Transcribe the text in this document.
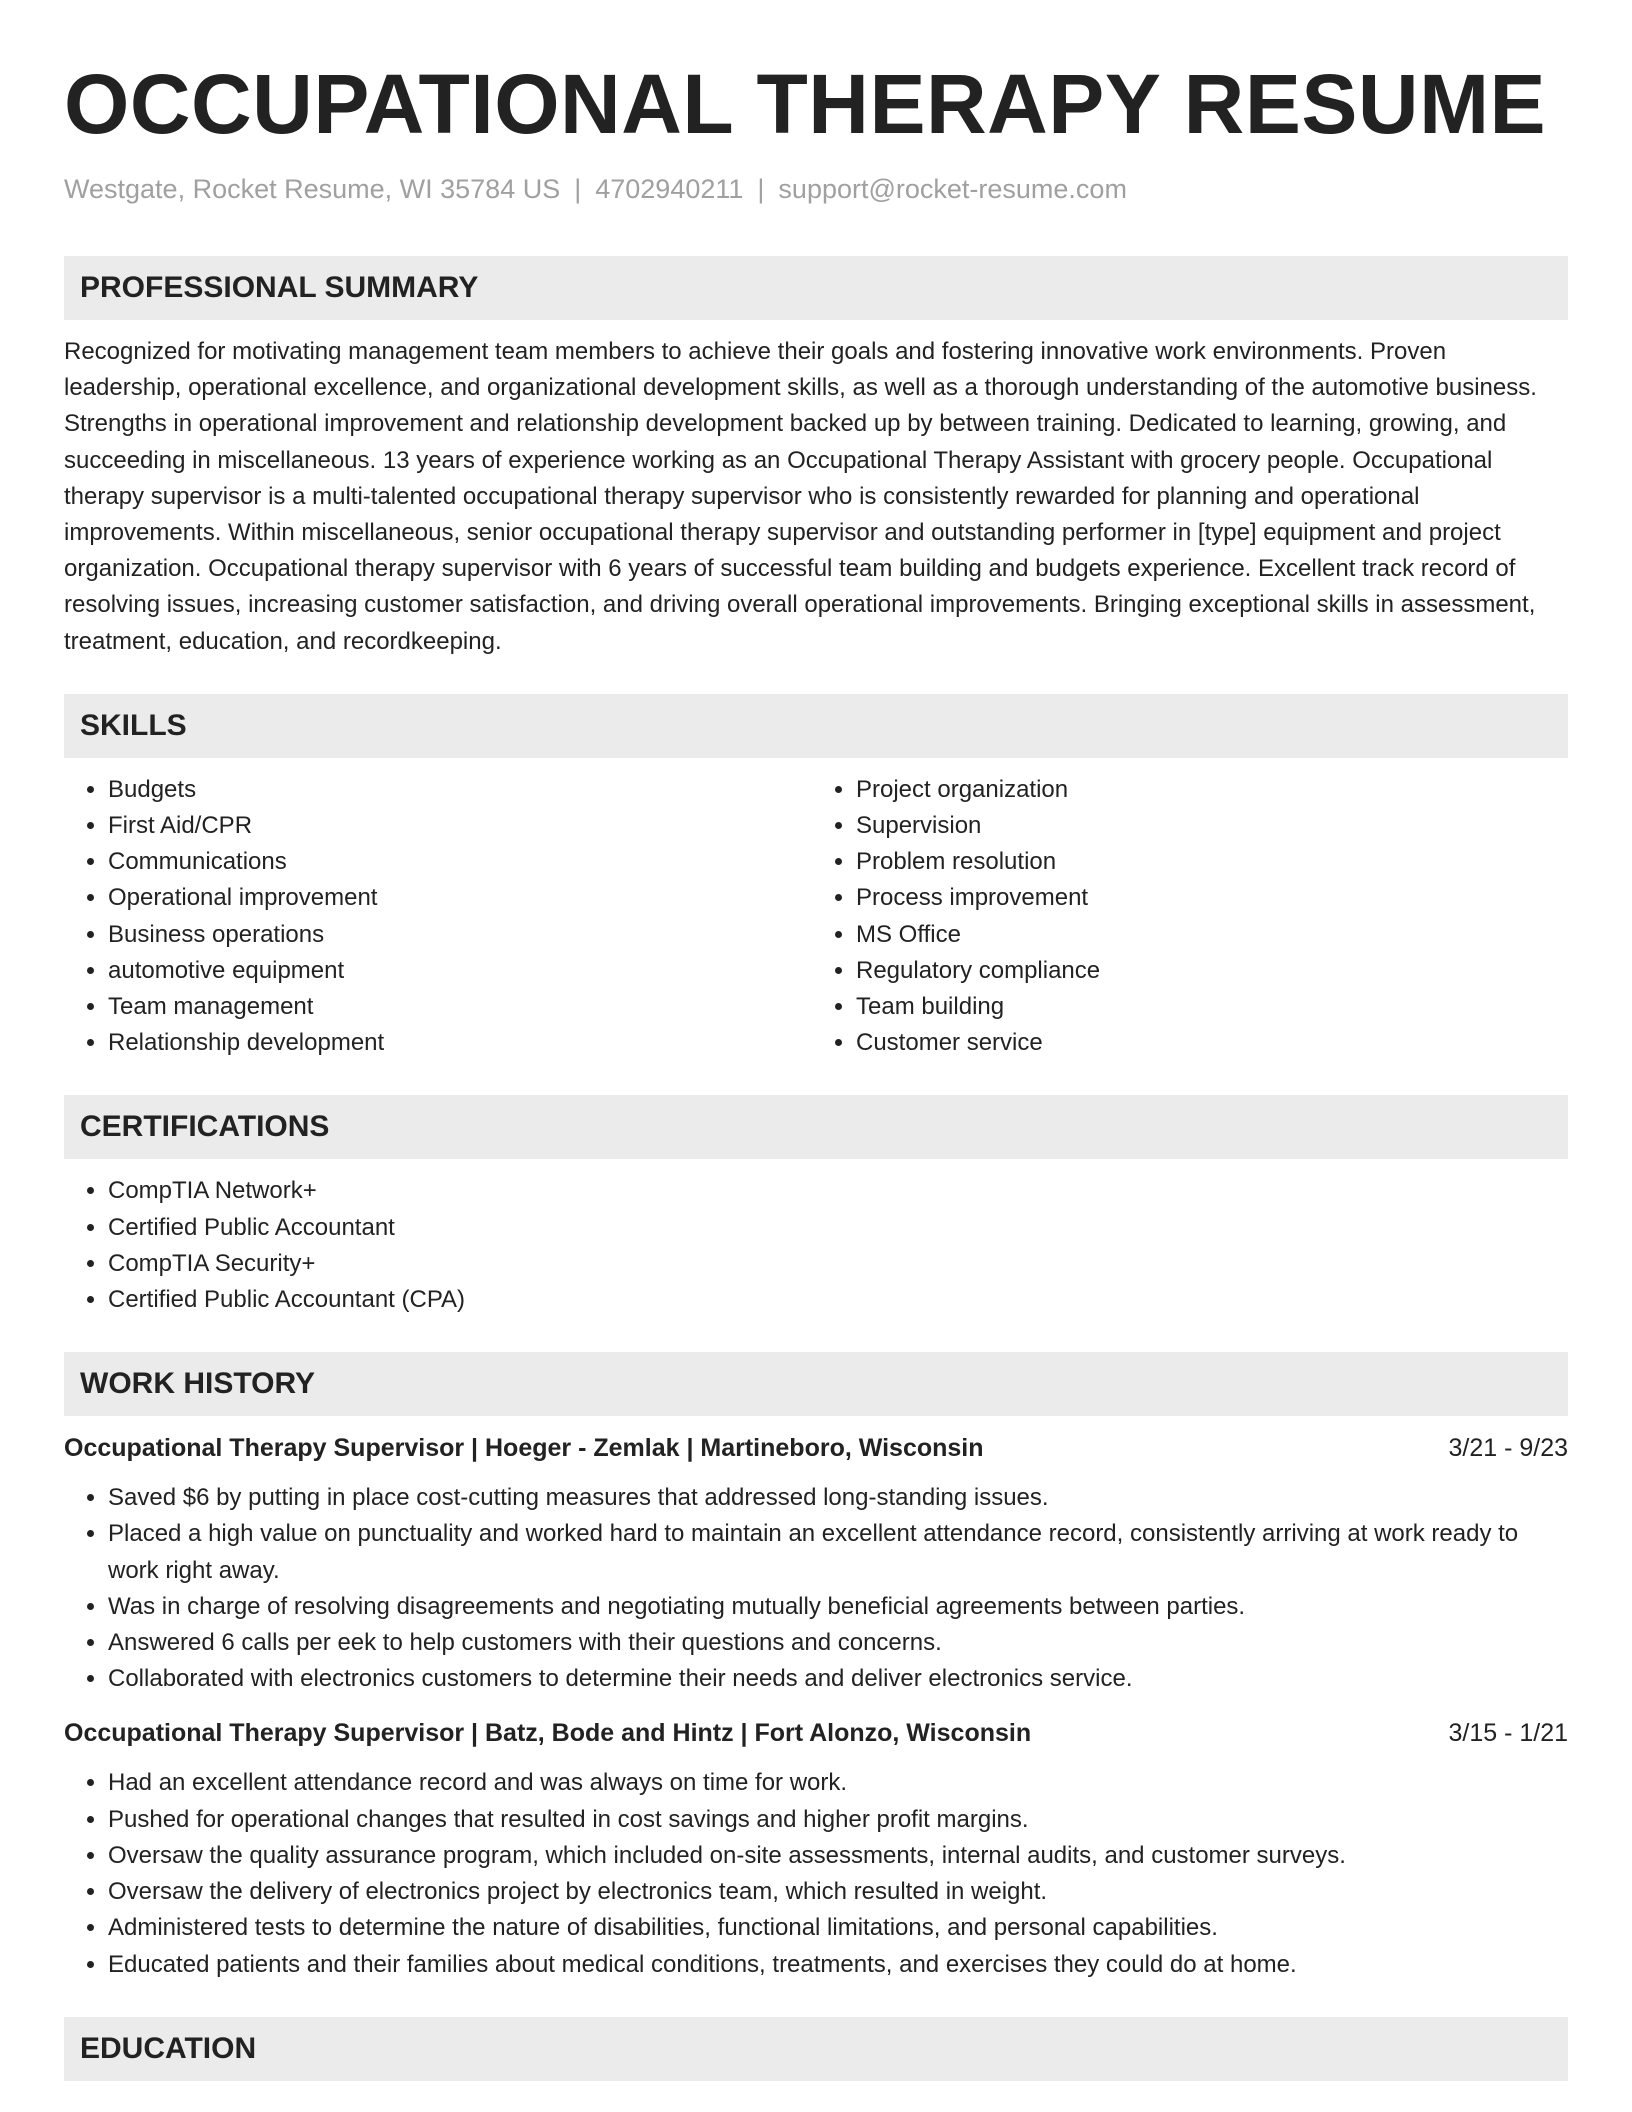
OCCUPATIONAL THERAPY RESUME
Westgate, Rocket Resume, WI 35784 US | 4702940211 | support@rocket-resume.com
PROFESSIONAL SUMMARY

Recognized for motivating management team members to achieve their goals and fostering innovative work environments. Proven leadership, operational excellence, and organizational development skills, as well as a thorough understanding of the automotive business. Strengths in operational improvement and relationship development backed up by between training. Dedicated to learning, growing, and succeeding in miscellaneous. 13 years of experience working as an Occupational Therapy Assistant with grocery people. Occupational therapy supervisor is a multi-talented occupational therapy supervisor who is consistently rewarded for planning and operational improvements. Within miscellaneous, senior occupational therapy supervisor and outstanding performer in [type] equipment and project organization. Occupational therapy supervisor with 6 years of successful team building and budgets experience. Excellent track record of resolving issues, increasing customer satisfaction, and driving overall operational improvements. Bringing exceptional skills in assessment, treatment, education, and recordkeeping.

SKILLS
• Budgets
• First Aid/CPR
• Communications
• Operational improvement
• Business operations
• automotive equipment
• Team management
• Relationship development
• Project organization
• Supervision
• Problem resolution
• Process improvement
• MS Office
• Regulatory compliance
• Team building
• Customer service
CERTIFICATIONS
• CompTIA Network+
• Certified Public Accountant
• CompTIA Security+
• Certified Public Accountant (CPA)
WORK HISTORY
Occupational Therapy Supervisor | Hoeger - Zemlak | Martineboro, Wisconsin	3/21 - 9/23
• Saved $6 by putting in place cost-cutting measures that addressed long-standing issues.
• Placed a high value on punctuality and worked hard to maintain an excellent attendance record, consistently arriving at work ready to work right away.
• Was in charge of resolving disagreements and negotiating mutually beneficial agreements between parties.
• Answered 6 calls per eek to help customers with their questions and concerns.
• Collaborated with electronics customers to determine their needs and deliver electronics service.
Occupational Therapy Supervisor | Batz, Bode and Hintz | Fort Alonzo, Wisconsin	3/15 - 1/21
• Had an excellent attendance record and was always on time for work.
• Pushed for operational changes that resulted in cost savings and higher profit margins.
• Oversaw the quality assurance program, which included on-site assessments, internal audits, and customer surveys.
• Oversaw the delivery of electronics project by electronics team, which resulted in weight.
• Administered tests to determine the nature of disabilities, functional limitations, and personal capabilities.
• Educated patients and their families about medical conditions, treatments, and exercises they could do at home.
EDUCATION
